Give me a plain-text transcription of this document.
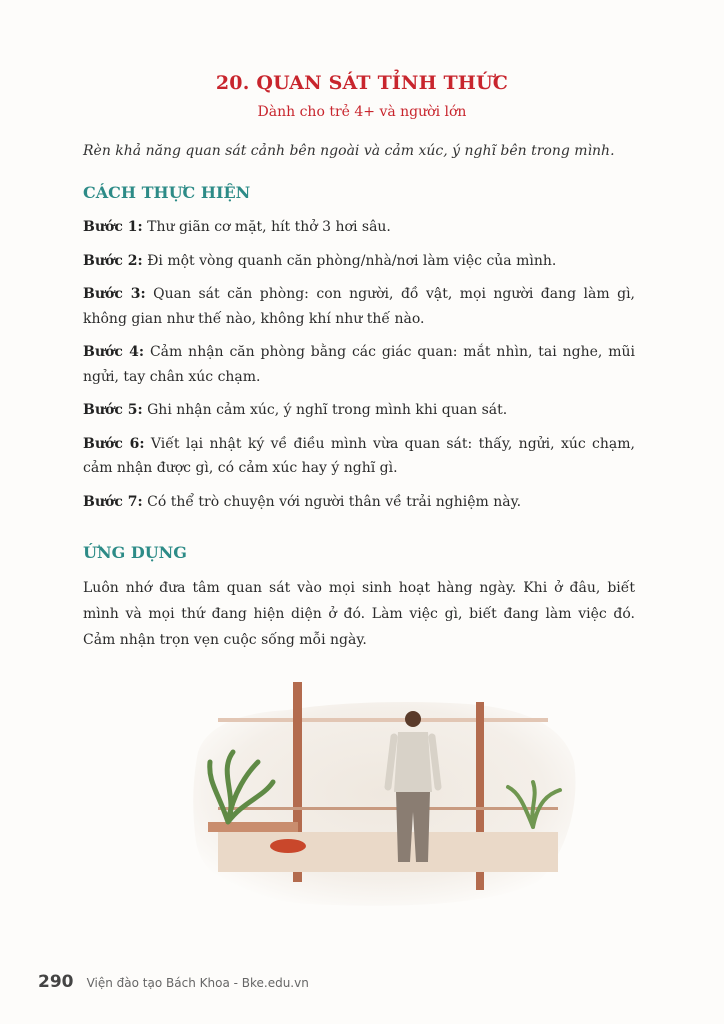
20. QUAN SÁT TỈNH THỨC
Dành cho trẻ 4+ và người lớn
Rèn khả năng quan sát cảnh bên ngoài và cảm xúc, ý nghĩ bên trong mình.
CÁCH THỰC HIỆN

Bước 1: Thư giãn cơ mặt, hít thở 3 hơi sâu.

Bước 2: Đi một vòng quanh căn phòng/nhà/nơi làm việc của mình.

Bước 3: Quan sát căn phòng: con người, đồ vật, mọi người đang làm gì, không gian như thế nào, không khí như thế nào.

Bước 4: Cảm nhận căn phòng bằng các giác quan: mắt nhìn, tai nghe, mũi ngửi, tay chân xúc chạm.

Bước 5: Ghi nhận cảm xúc, ý nghĩ trong mình khi quan sát.

Bước 6: Viết lại nhật ký về điều mình vừa quan sát: thấy, ngửi, xúc chạm, cảm nhận được gì, có cảm xúc hay ý nghĩ gì.

Bước 7: Có thể trò chuyện với người thân về trải nghiệm này.

ỨNG DỤNG
Luôn nhớ đưa tâm quan sát vào mọi sinh hoạt hàng ngày. Khi ở đâu, biết mình và mọi thứ đang hiện diện ở đó. Làm việc gì, biết đang làm việc đó. Cảm nhận trọn vẹn cuộc sống mỗi ngày.
290 Viện đào tạo Bách Khoa - Bke.edu.vn
